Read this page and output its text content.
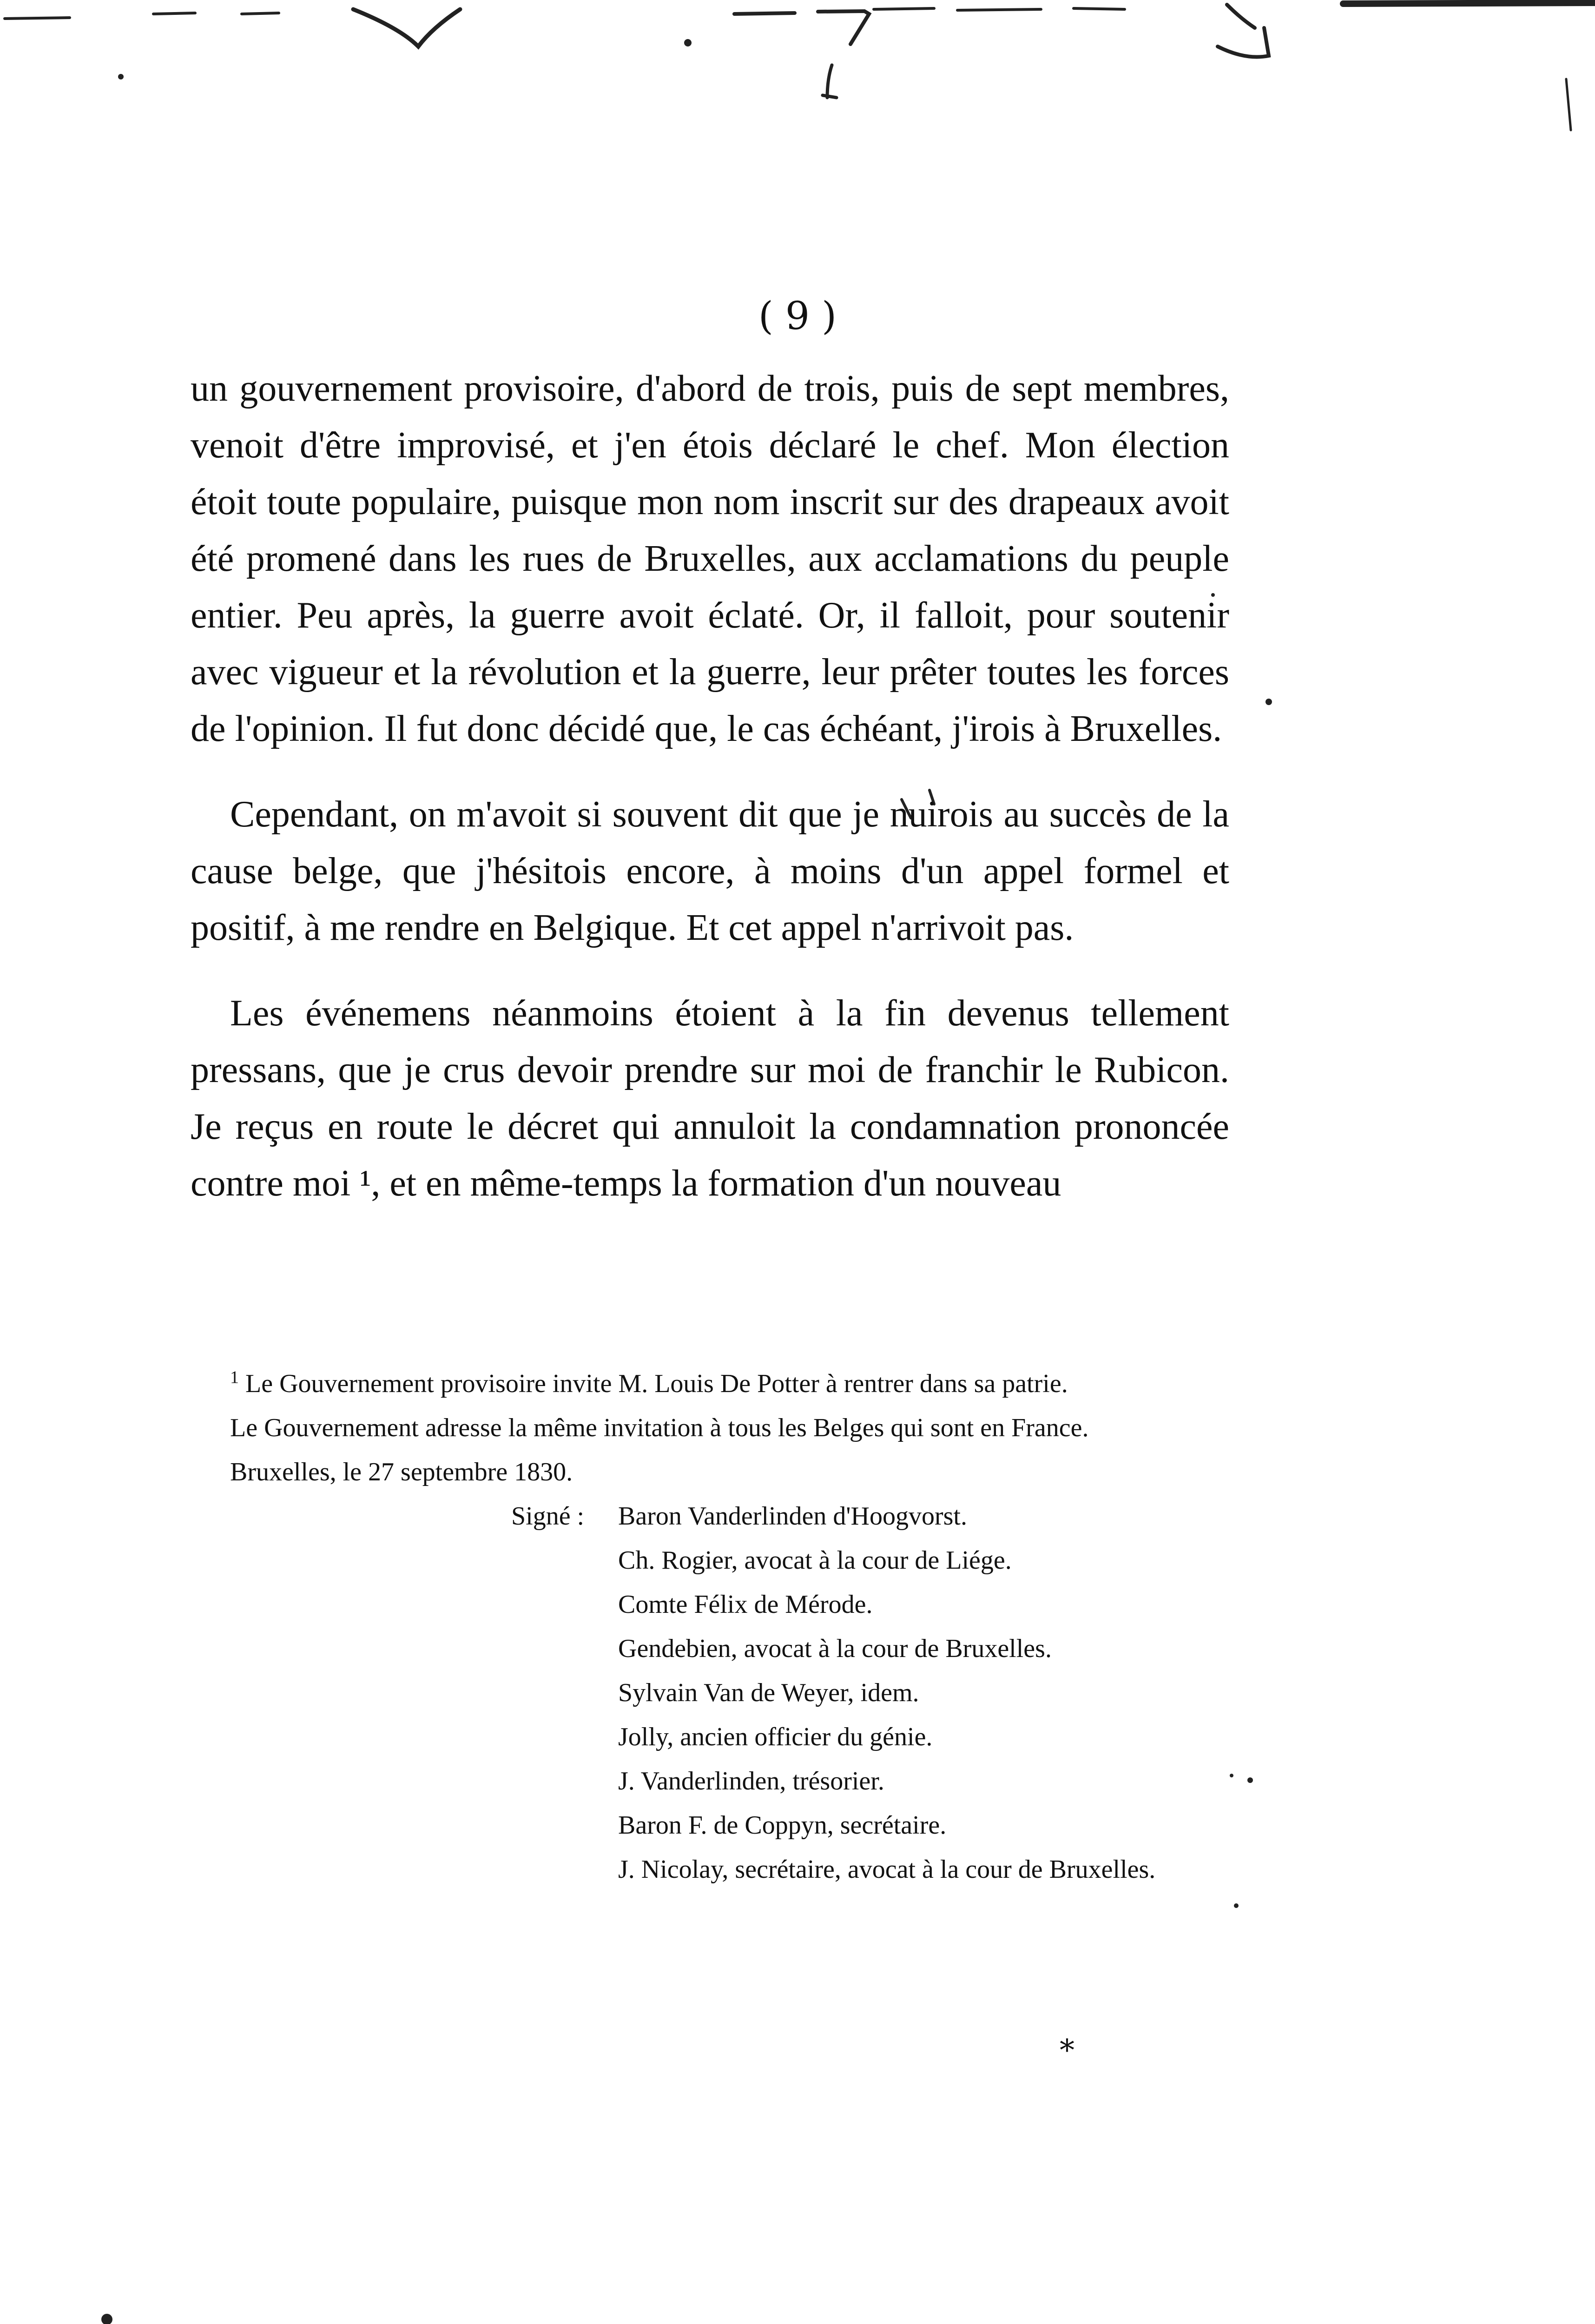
( 9 )

un gouvernement provisoire, d'abord de trois, puis de sept membres, venoit d'être improvisé, et j'en étois déclaré le chef. Mon élection étoit toute populaire, puisque mon nom inscrit sur des drapeaux avoit été promené dans les rues de Bruxelles, aux acclamations du peuple entier. Peu après, la guerre avoit éclaté. Or, il falloit, pour soutenir avec vigueur et la révolution et la guerre, leur prêter toutes les forces de l'opinion. Il fut donc décidé que, le cas échéant, j'irois à Bruxelles.

Cependant, on m'avoit si souvent dit que je nuirois au succès de la cause belge, que j'hésitois encore, à moins d'un appel formel et positif, à me rendre en Belgique. Et cet appel n'arrivoit pas.

Les événemens néanmoins étoient à la fin devenus tellement pressans, que je crus devoir prendre sur moi de franchir le Rubicon. Je reçus en route le décret qui annuloit la condamnation prononcée contre moi ¹, et en même-temps la formation d'un nouveau

$^1$ Le Gouvernement provisoire invite M. Louis De Potter à rentrer dans sa patrie.

Le Gouvernement adresse la même invitation à tous les Belges qui sont en France.

Bruxelles, le 27 septembre 1830.

Signé :	Baron Vanderlinden d'Hoogvorst.

Ch. Rogier, avocat à la cour de Liége.

Comte Félix de Mérode.

Gendebien, avocat à la cour de Bruxelles.

Sylvain Van de Weyer, idem.

Jolly, ancien officier du génie.

J. Vanderlinden, trésorier.

Baron F. de Coppyn, secrétaire.

J. Nicolay, secrétaire, avocat à la cour de Bruxelles.

*
